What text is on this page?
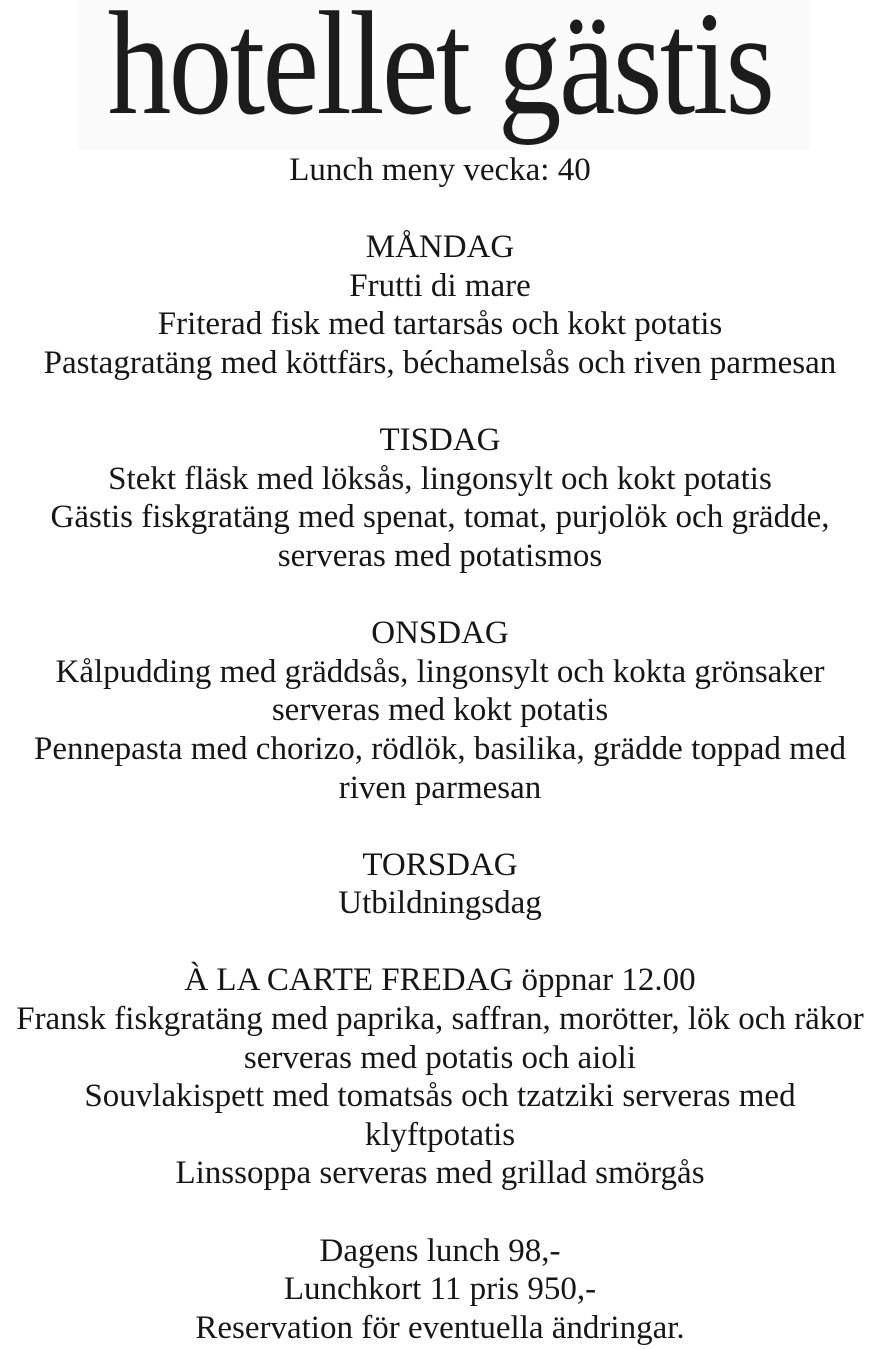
hotellet gästis
Lunch meny vecka: 40
MÅNDAG
Frutti di mare
Friterad fisk med tartarsås och kokt potatis
Pastagratäng med köttfärs, béchamelsås och riven parmesan
TISDAG
Stekt fläsk med löksås, lingonsylt och kokt potatis
Gästis fiskgratäng med spenat, tomat, purjolök och grädde,
serveras med potatismos
ONSDAG
Kålpudding med gräddsås, lingonsylt och kokta grönsaker
serveras med kokt potatis
Pennepasta med chorizo, rödlök, basilika, grädde toppad med
riven parmesan
TORSDAG
Utbildningsdag
À LA CARTE FREDAG öppnar 12.00
Fransk fiskgratäng med paprika, saffran, morötter, lök och räkor
serveras med potatis och aioli
Souvlakispett med tomatsås och tzatziki serveras med
klyftpotatis
Linssoppa serveras med grillad smörgås
Dagens lunch 98,-
Lunchkort 11 pris 950,-
Reservation för eventuella ändringar.
